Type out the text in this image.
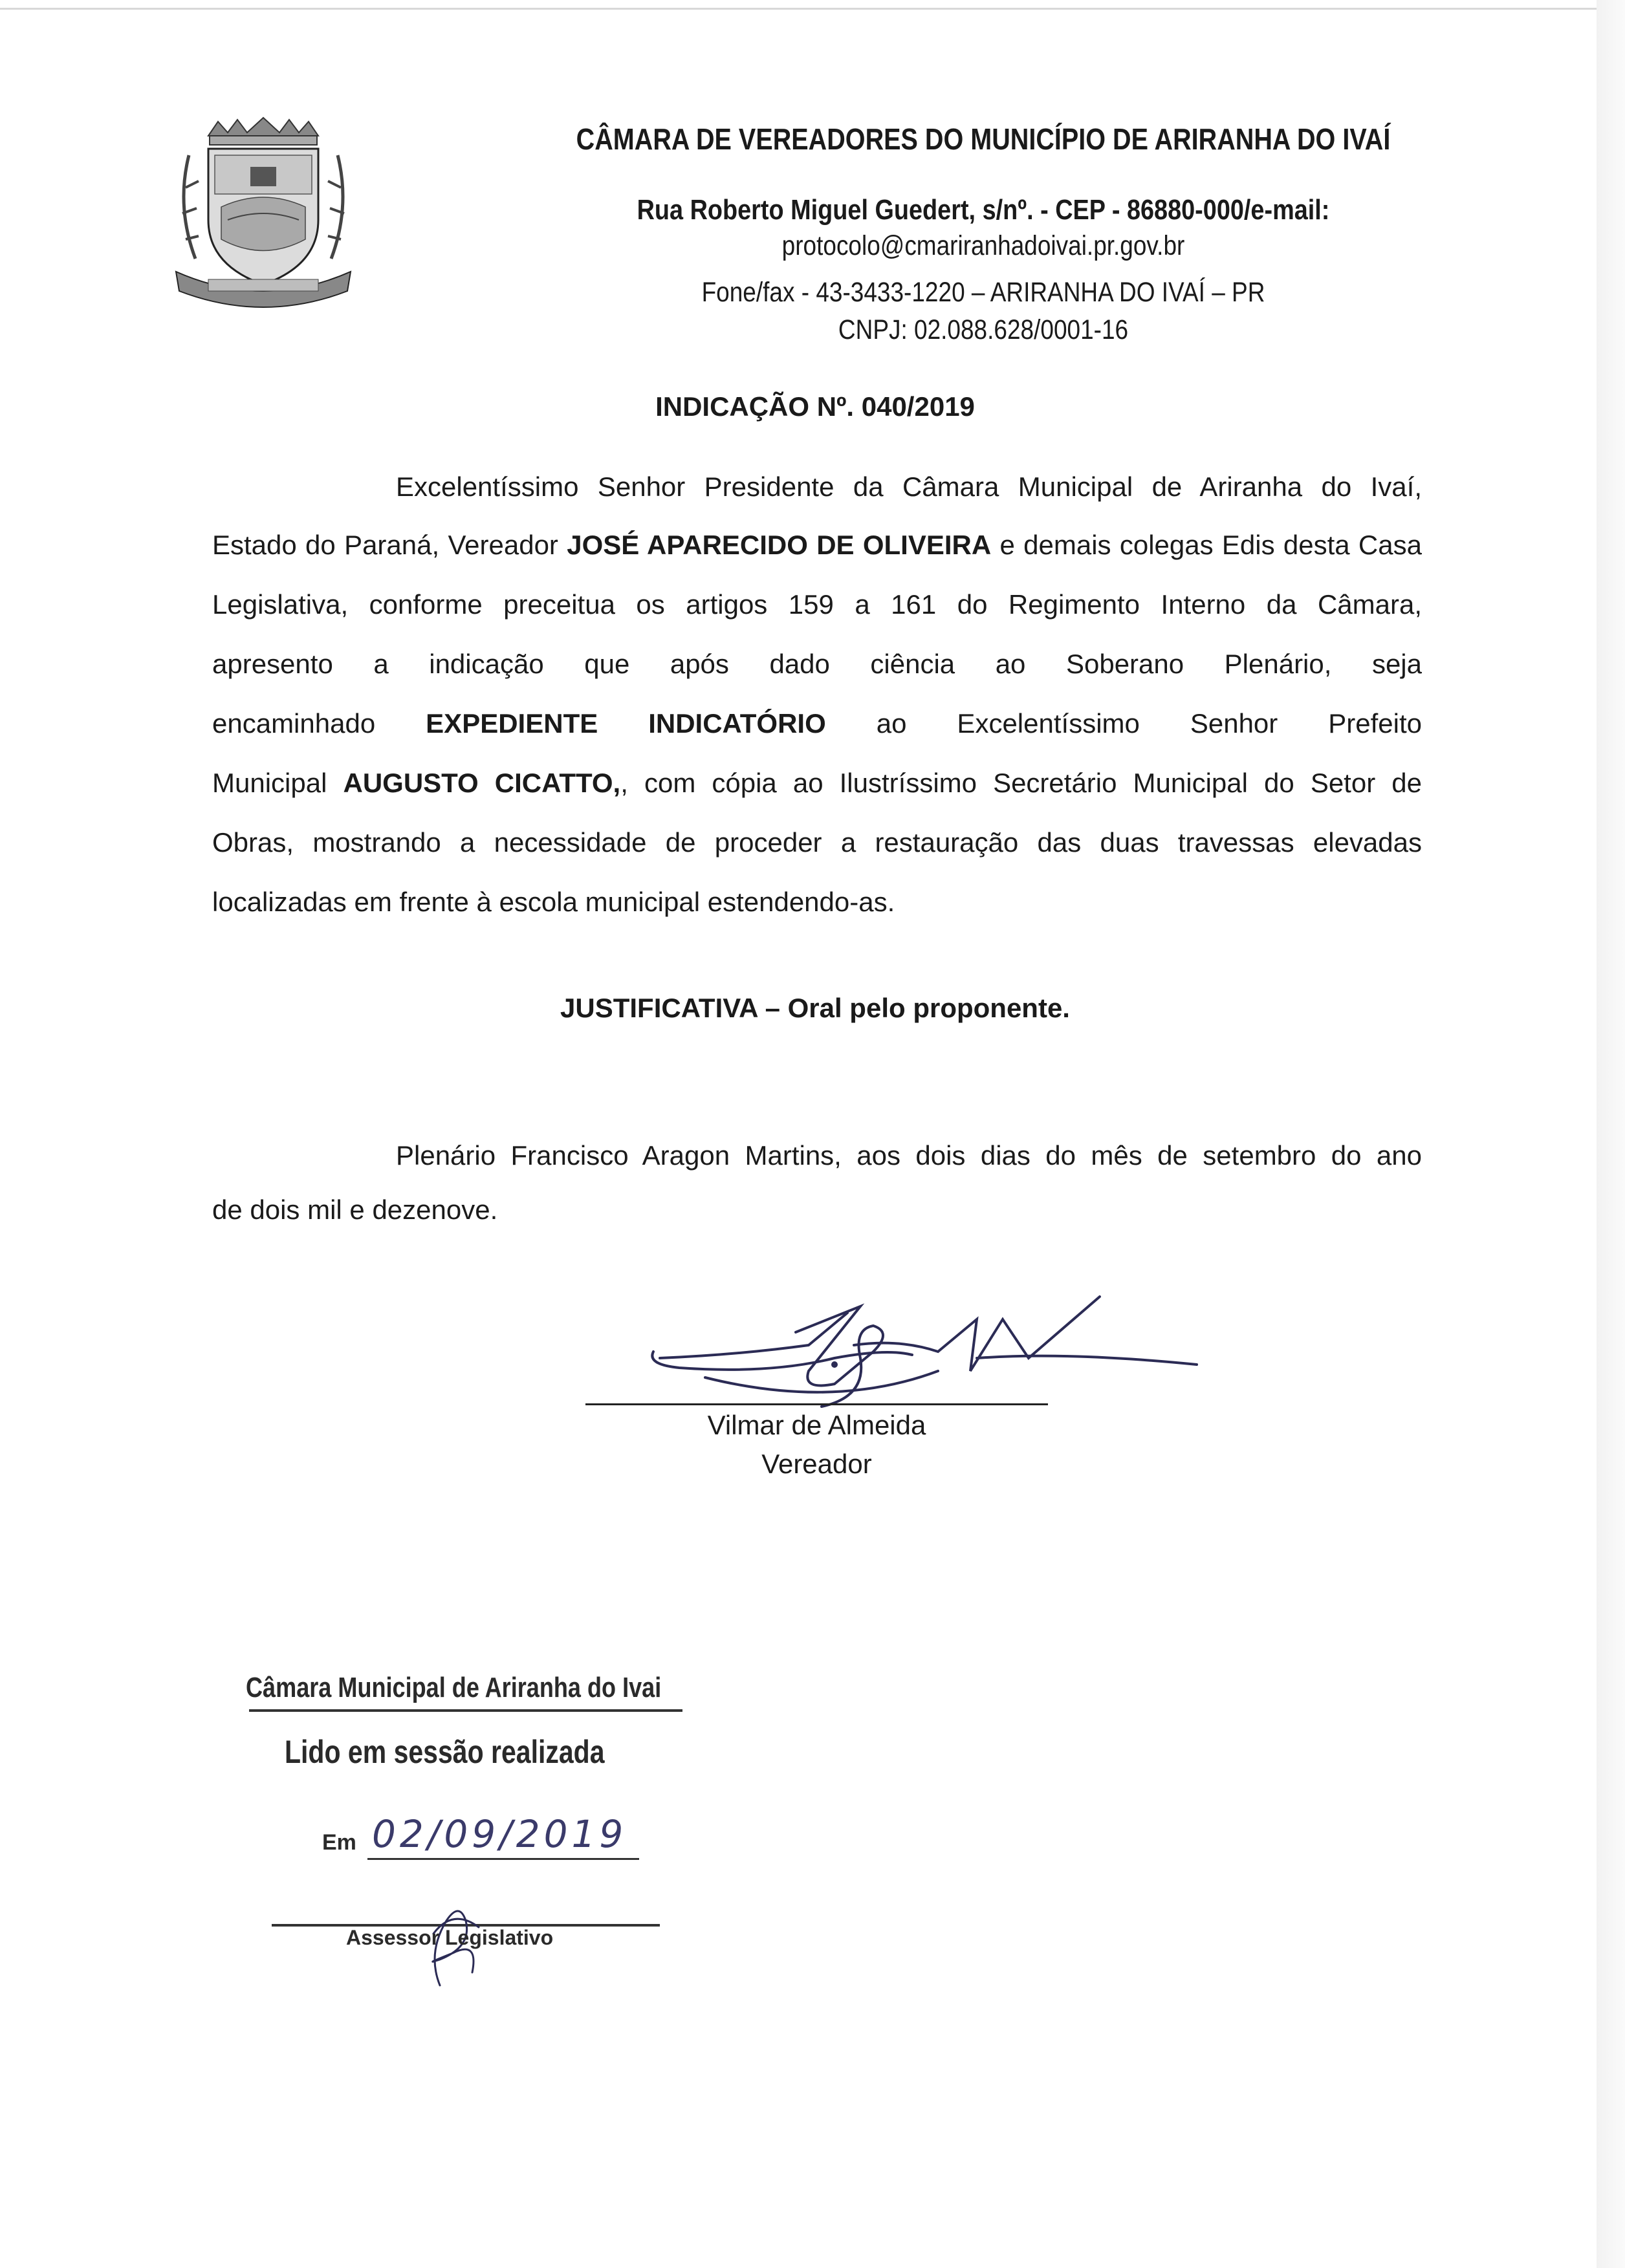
CÂMARA DE VEREADORES DO MUNICÍPIO DE ARIRANHA DO IVAÍ
Rua Roberto Miguel Guedert, s/nº. - CEP - 86880-000/e-mail:
protocolo@cmariranhadoivai.pr.gov.br
Fone/fax - 43-3433-1220 – ARIRANHA DO IVAÍ – PR
CNPJ: 02.088.628/0001-16
INDICAÇÃO Nº. 040/2019
Excelentíssimo Senhor Presidente da Câmara Municipal de Ariranha do Ivaí,
Estado do Paraná, Vereador JOSÉ APARECIDO DE OLIVEIRA e demais colegas Edis desta Casa
Legislativa, conforme preceitua os artigos 159 a 161 do Regimento Interno da Câmara,
apresento a indicação que após dado ciência ao Soberano Plenário, seja
encaminhado EXPEDIENTE INDICATÓRIO ao Excelentíssimo Senhor Prefeito
Municipal AUGUSTO CICATTO,, com cópia ao Ilustríssimo Secretário Municipal do Setor de
Obras, mostrando a necessidade de proceder a restauração das duas travessas elevadas
localizadas em frente à escola municipal estendendo-as.
JUSTIFICATIVA – Oral pelo proponente.
Plenário Francisco Aragon Martins, aos dois dias do mês de setembro do ano
de dois mil e dezenove.
Vilmar de Almeida
Vereador
Câmara Municipal de Ariranha do Ivai
Lido em sessão realizada
Em 02/09/2019
Assessor Legislativo
